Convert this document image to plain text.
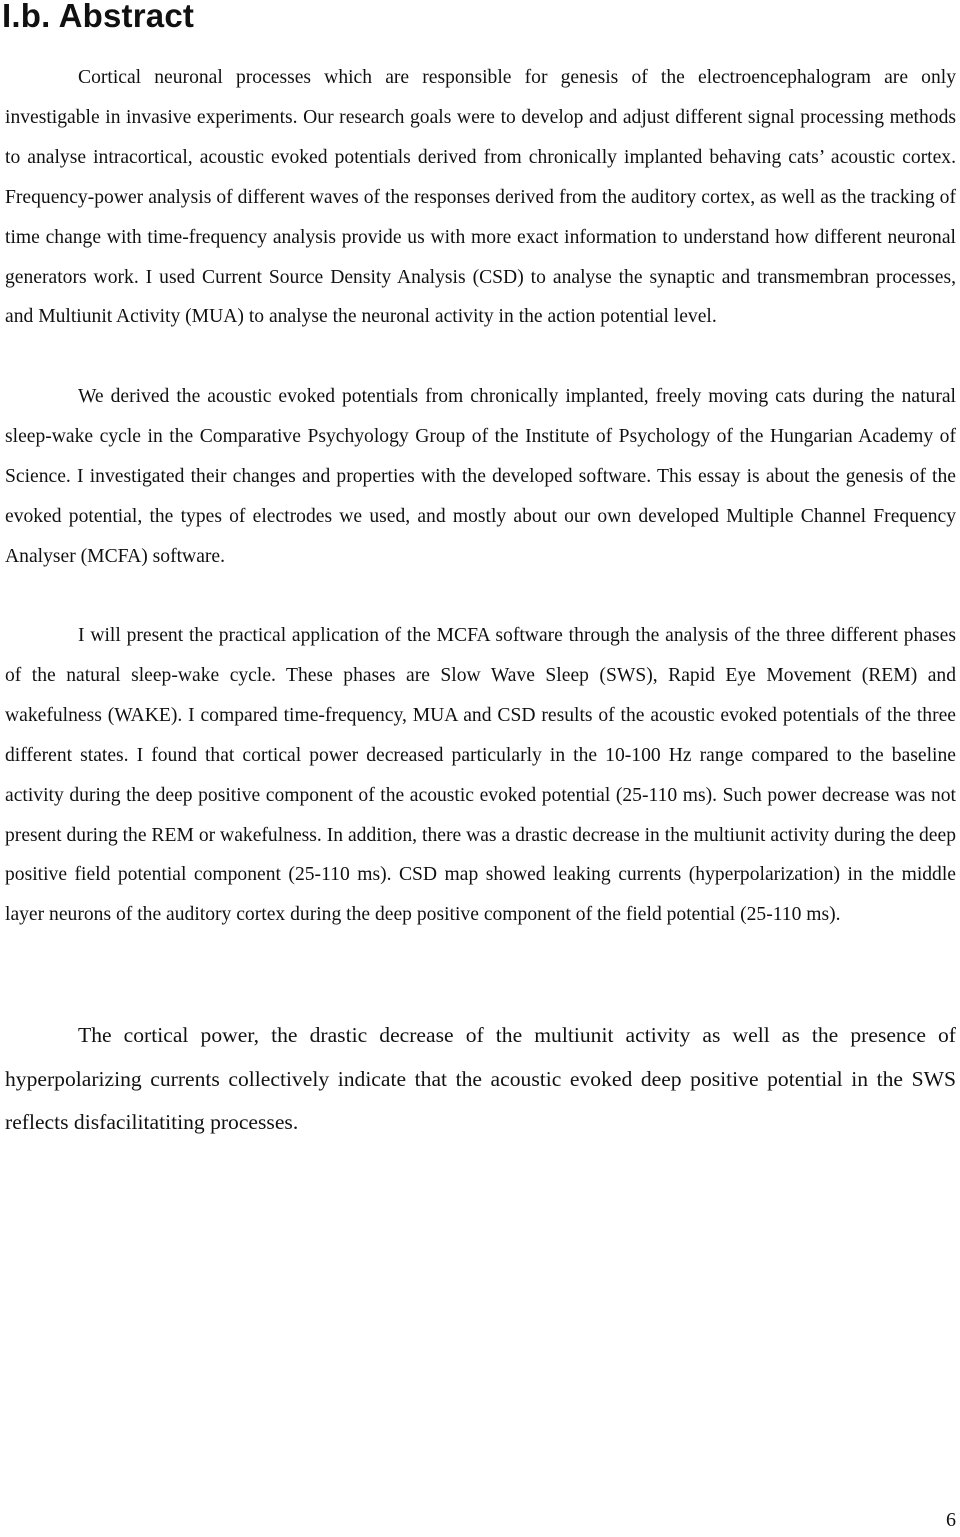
I.b. Abstract

Cortical neuronal processes which are responsible for genesis of the electroencephalogram are only investigable in invasive experiments. Our research goals were to develop and adjust different signal processing methods to analyse intracortical, acoustic evoked potentials derived from chronically implanted behaving cats’ acoustic cortex. Frequency-power analysis of different waves of the responses derived from the auditory cortex, as well as the tracking of time change with time-frequency analysis provide us with more exact information to understand how different neuronal generators work. I used Current Source Density Analysis (CSD) to analyse the synaptic and transmembran processes, and Multiunit Activity (MUA) to analyse the neuronal activity in the action potential level.

We derived the acoustic evoked potentials from chronically implanted, freely moving cats during the natural sleep-wake cycle in the Comparative Psychyology Group of the Institute of Psychology of the Hungarian Academy of Science. I investigated their changes and properties with the developed software. This essay is about the genesis of the evoked potential, the types of electrodes we used, and mostly about our own developed Multiple Channel Frequency Analyser (MCFA) software.

I will present the practical application of the MCFA software through the analysis of the three different phases of the natural sleep-wake cycle. These phases are Slow Wave Sleep (SWS), Rapid Eye Movement (REM) and wakefulness (WAKE). I compared time-frequency, MUA and CSD results of the acoustic evoked potentials of the three different states. I found that cortical power decreased particularly in the 10-100 Hz range compared to the baseline activity during the deep positive component of the acoustic evoked potential (25-110 ms). Such power decrease was not present during the REM or wakefulness. In addition, there was a drastic decrease in the multiunit activity during the deep positive field potential component (25-110 ms). CSD map showed leaking currents (hyperpolarization) in the middle layer neurons of the auditory cortex during the deep positive component of the field potential (25-110 ms).

The cortical power, the drastic decrease of the multiunit activity as well as the presence of hyperpolarizing currents collectively indicate that the acoustic evoked deep positive potential in the SWS reflects disfacilitatiting processes.

6
